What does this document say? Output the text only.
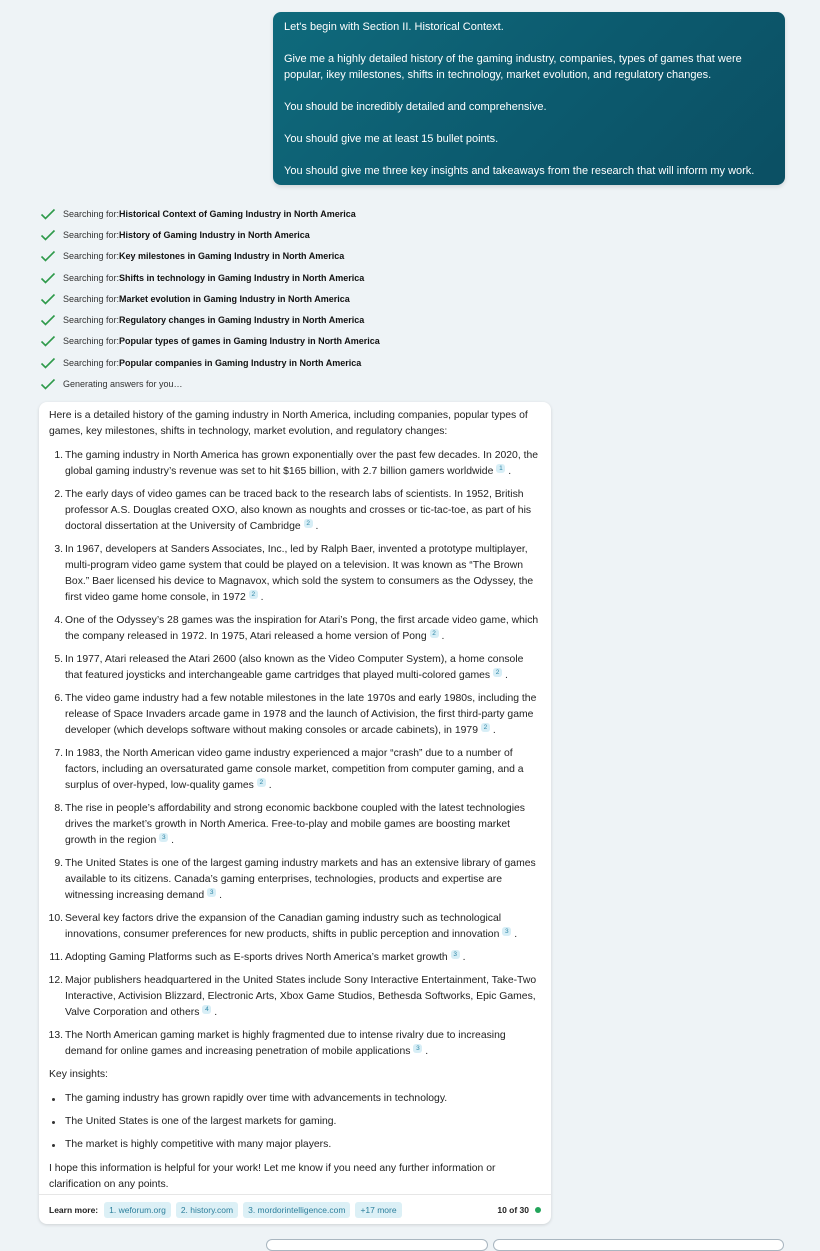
Let's begin with Section II. Historical Context.

Give me a highly detailed history of the gaming industry, companies, types of games that were popular, ikey milestones, shifts in technology, market evolution, and regulatory changes.

You should be incredibly detailed and comprehensive.

You should give me at least 15 bullet points.

You should give me three key insights and takeaways from the research that will inform my work.

Searching for: Historical Context of Gaming Industry in North America
Searching for: History of Gaming Industry in North America
Searching for: Key milestones in Gaming Industry in North America
Searching for: Shifts in technology in Gaming Industry in North America
Searching for: Market evolution in Gaming Industry in North America
Searching for: Regulatory changes in Gaming Industry in North America
Searching for: Popular types of games in Gaming Industry in North America
Searching for: Popular companies in Gaming Industry in North America
Generating answers for you…

Here is a detailed history of the gaming industry in North America, including companies, popular types of games, key milestones, shifts in technology, market evolution, and regulatory changes:

1. The gaming industry in North America has grown exponentially over the past few decades. In 2020, the global gaming industry’s revenue was set to hit $165 billion, with 2.7 billion gamers worldwide 1 .
2. The early days of video games can be traced back to the research labs of scientists. In 1952, British professor A.S. Douglas created OXO, also known as noughts and crosses or tic-tac-toe, as part of his doctoral dissertation at the University of Cambridge 2 .
3. In 1967, developers at Sanders Associates, Inc., led by Ralph Baer, invented a prototype multiplayer, multi-program video game system that could be played on a television. It was known as “The Brown Box.” Baer licensed his device to Magnavox, which sold the system to consumers as the Odyssey, the first video game home console, in 1972 2 .
4. One of the Odyssey’s 28 games was the inspiration for Atari’s Pong, the first arcade video game, which the company released in 1972. In 1975, Atari released a home version of Pong 2 .
5. In 1977, Atari released the Atari 2600 (also known as the Video Computer System), a home console that featured joysticks and interchangeable game cartridges that played multi-colored games 2 .
6. The video game industry had a few notable milestones in the late 1970s and early 1980s, including the release of Space Invaders arcade game in 1978 and the launch of Activision, the first third-party game developer (which develops software without making consoles or arcade cabinets), in 1979 2 .
7. In 1983, the North American video game industry experienced a major “crash” due to a number of factors, including an oversaturated game console market, competition from computer gaming, and a surplus of over-hyped, low-quality games 2 .
8. The rise in people’s affordability and strong economic backbone coupled with the latest technologies drives the market’s growth in North America. Free-to-play and mobile games are boosting market growth in the region 3 .
9. The United States is one of the largest gaming industry markets and has an extensive library of games available to its citizens. Canada’s gaming enterprises, technologies, products and expertise are witnessing increasing demand 3 .
10. Several key factors drive the expansion of the Canadian gaming industry such as technological innovations, consumer preferences for new products, shifts in public perception and innovation 3 .
11. Adopting Gaming Platforms such as E-sports drives North America’s market growth 3 .
12. Major publishers headquartered in the United States include Sony Interactive Entertainment, Take-Two Interactive, Activision Blizzard, Electronic Arts, Xbox Game Studios, Bethesda Softworks, Epic Games, Valve Corporation and others 4 .
13. The North American gaming market is highly fragmented due to intense rivalry due to increasing demand for online games and increasing penetration of mobile applications 3 .

Key insights:

The gaming industry has grown rapidly over time with advancements in technology.
The United States is one of the largest markets for gaming.
The market is highly competitive with many major players.

I hope this information is helpful for your work! Let me know if you need any further information or clarification on any points.

Learn more:	1. weforum.org	2. history.com	3. mordorintelligence.com	+17 more	10 of 30
